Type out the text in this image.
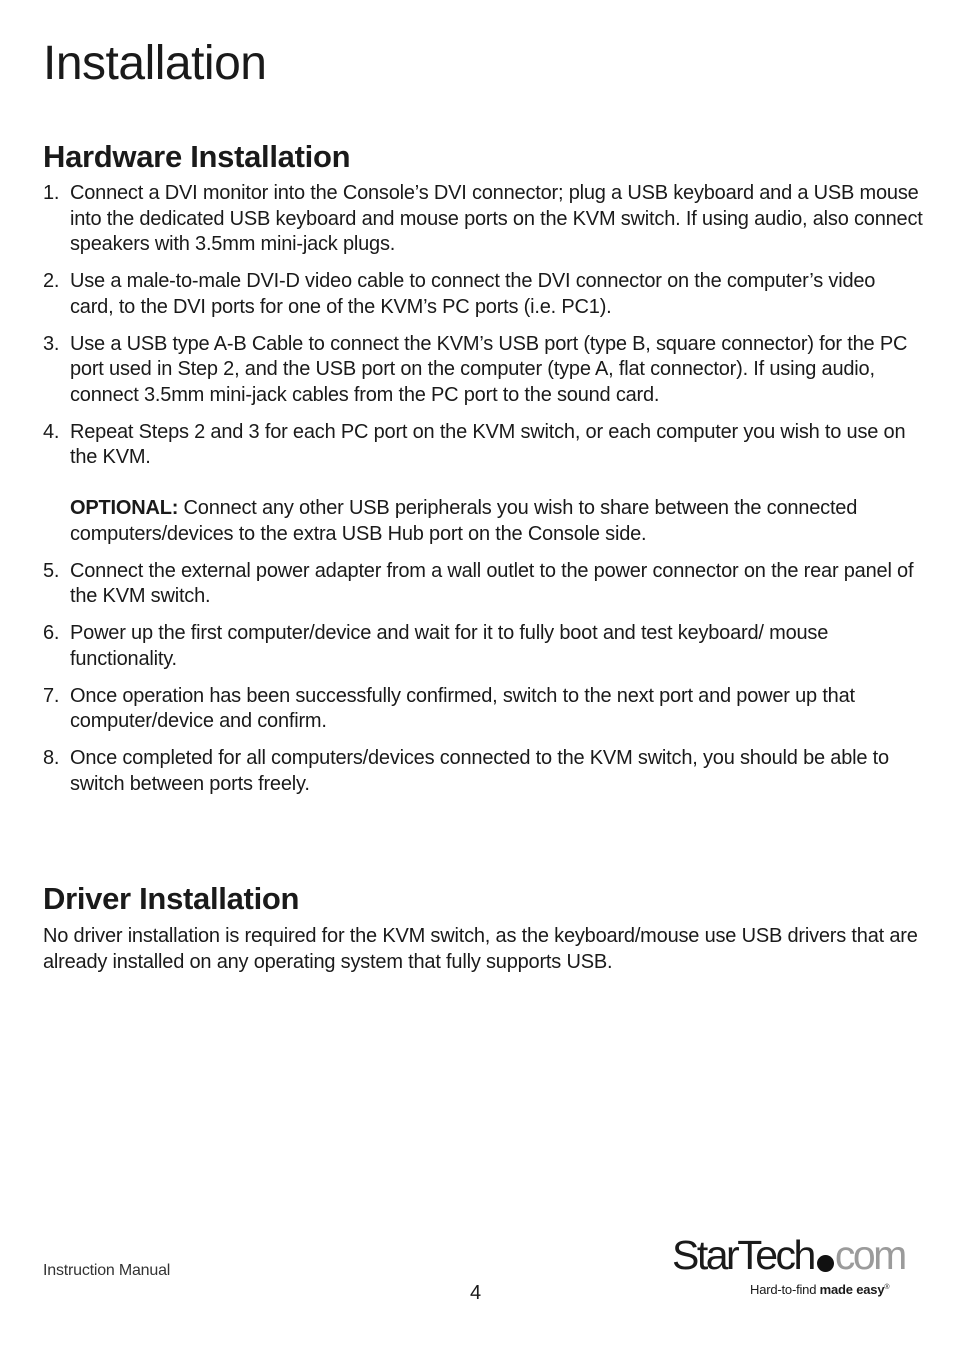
Installation
Hardware Installation
1. Connect a DVI monitor into the Console’s DVI connector; plug a USB keyboard and a USB mouse into the dedicated USB keyboard and mouse ports on the KVM switch. If using audio, also connect speakers with 3.5mm mini-jack plugs.
2. Use a male-to-male DVI-D video cable to connect the DVI connector on the computer’s video card, to the DVI ports for one of the KVM’s PC ports (i.e. PC1).
3. Use a USB type A-B Cable to connect the KVM’s USB port (type B, square connector) for the PC port used in Step 2, and the USB port on the computer (type A, flat connector). If using audio, connect 3.5mm mini-jack cables from the PC port to the sound card.
4. Repeat Steps 2 and 3 for each PC port on the KVM switch, or each computer you wish to use on the KVM.
OPTIONAL: Connect any other USB peripherals you wish to share between the connected computers/devices to the extra USB Hub port on the Console side.
5. Connect the external power adapter from a wall outlet to the power connector on the rear panel of the KVM switch.
6. Power up the first computer/device and wait for it to fully boot and test keyboard/ mouse functionality.
7. Once operation has been successfully confirmed, switch to the next port and power up that computer/device and confirm.
8. Once completed for all computers/devices connected to the KVM switch, you should be able to switch between ports freely.
Driver Installation

No driver installation is required for the KVM switch, as the keyboard/mouse use USB drivers that are already installed on any operating system that fully supports USB.

Instruction Manual
4
StarTech com
Hard-to-find made easy®
